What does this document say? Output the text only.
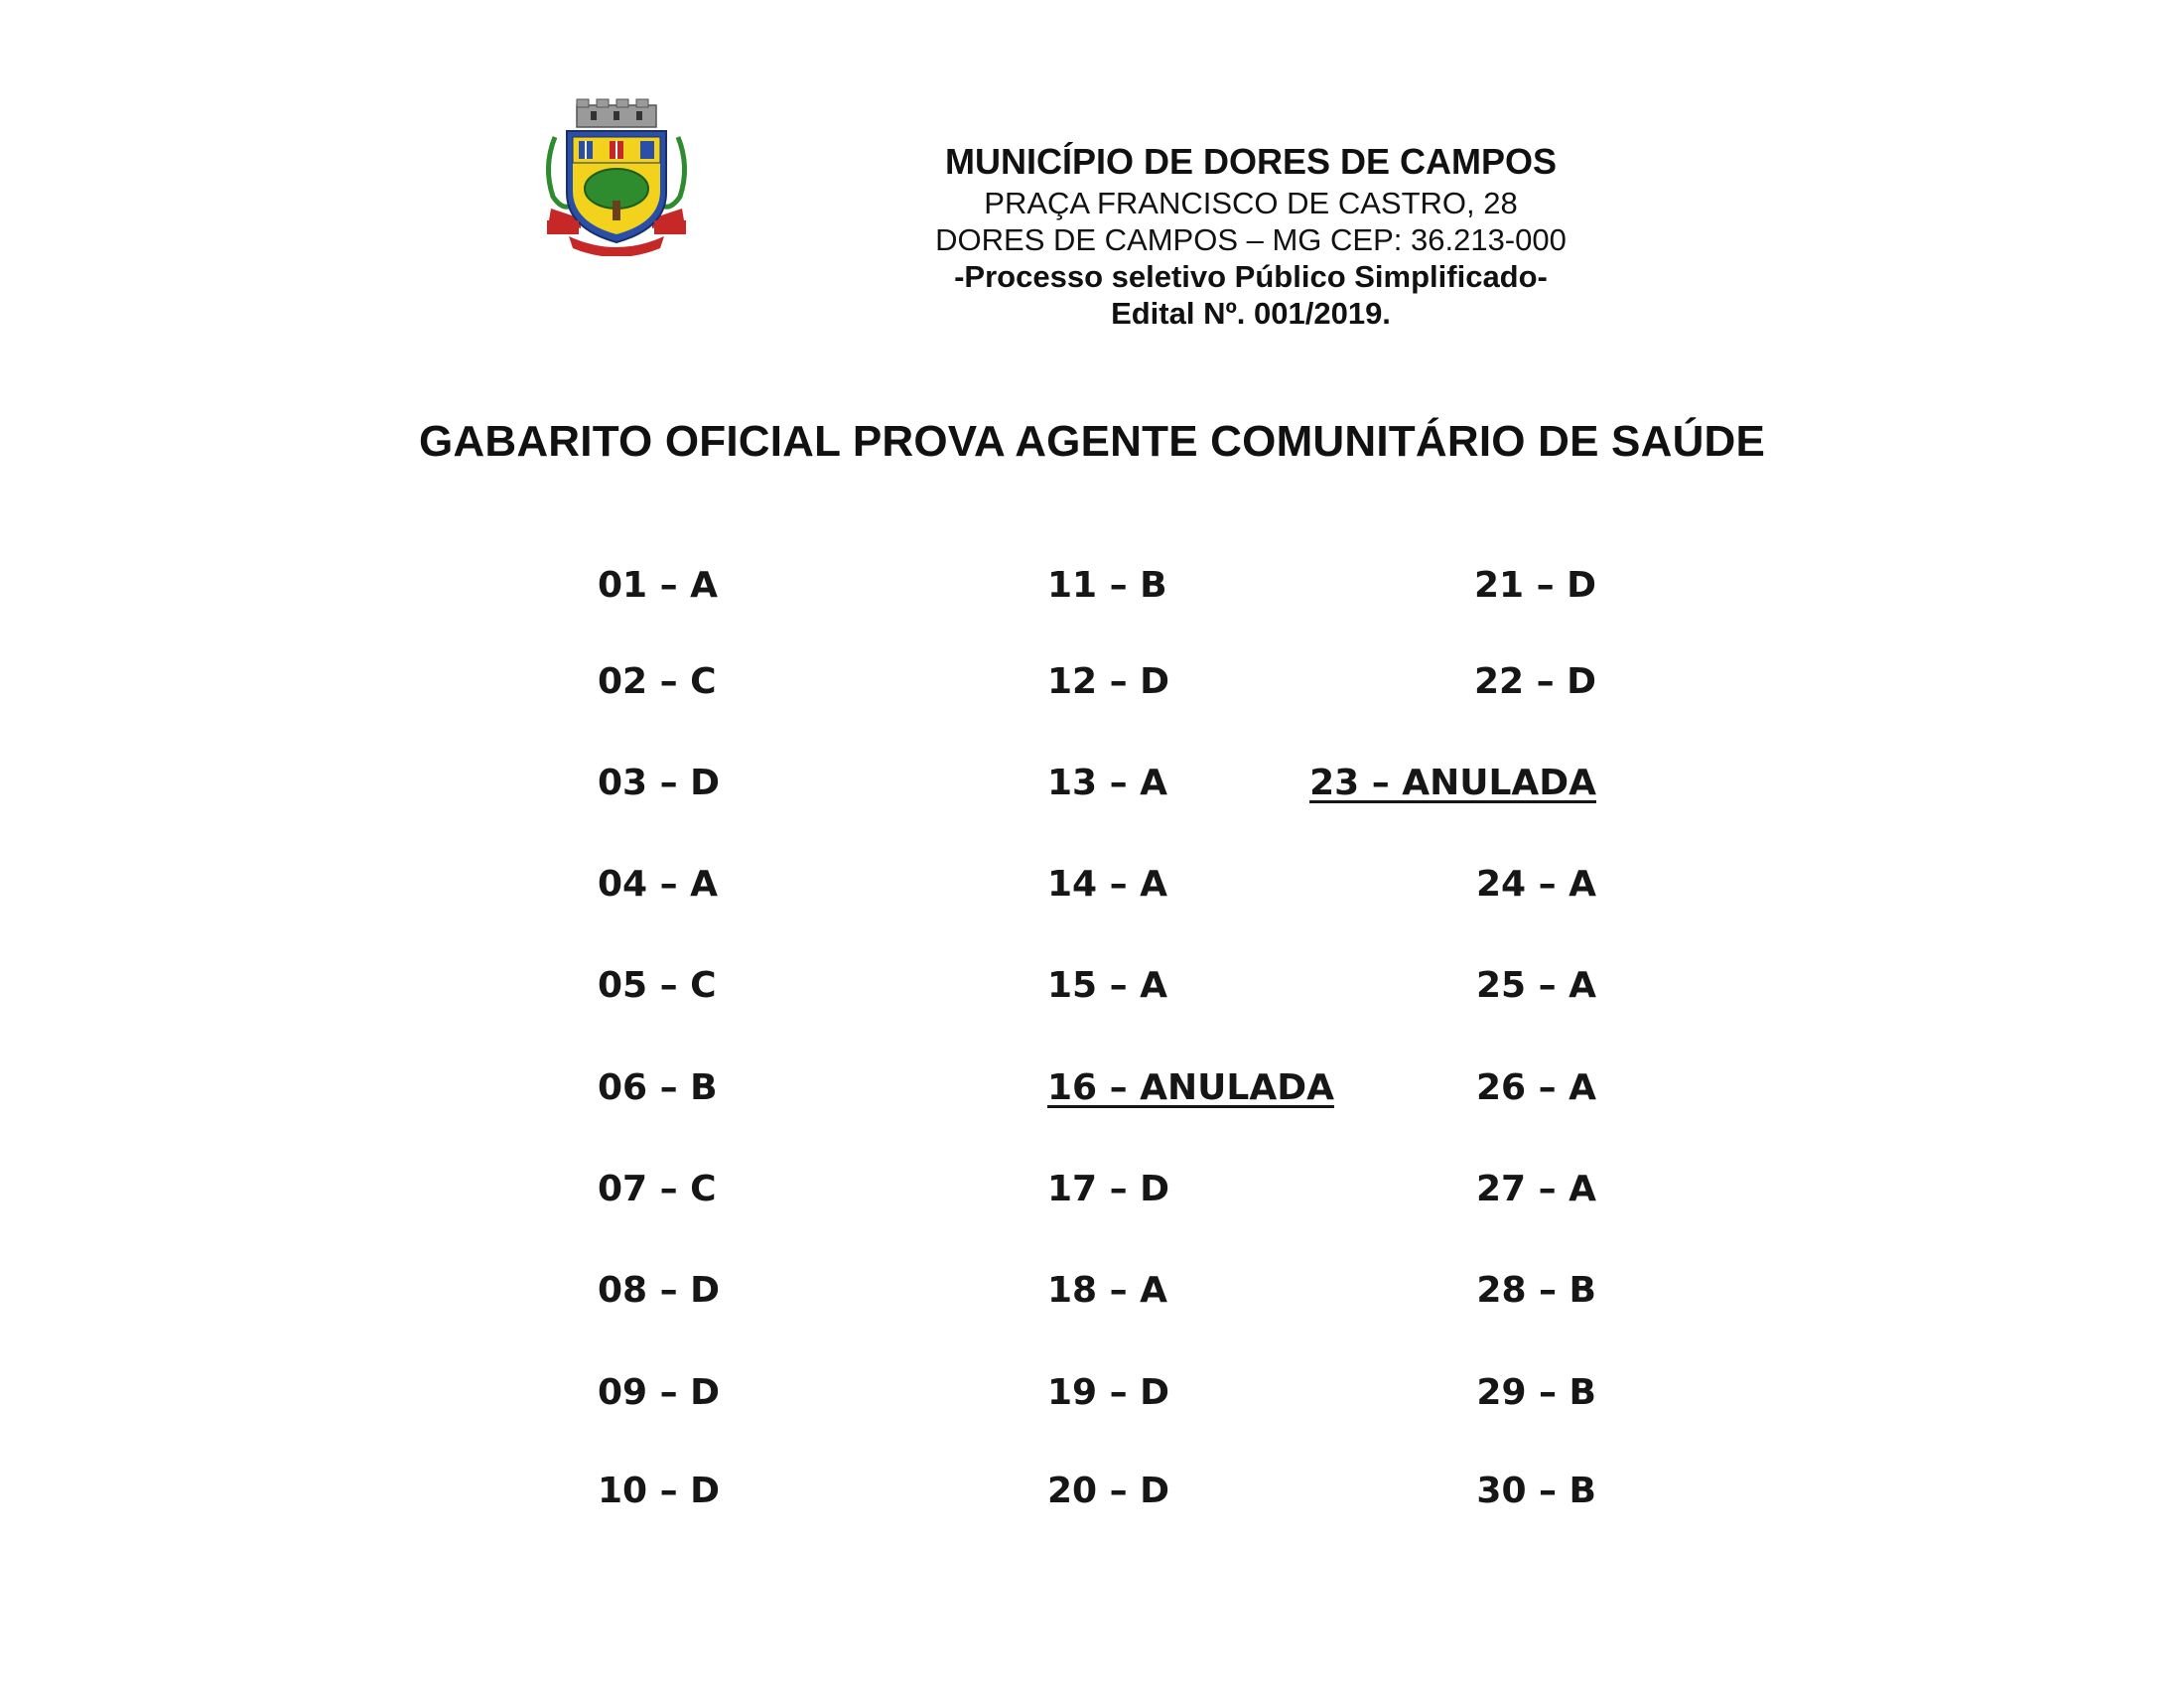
MUNICÍPIO DE DORES DE CAMPOS
PRAÇA FRANCISCO DE CASTRO, 28
DORES DE CAMPOS – MG CEP: 36.213-000
-Processo seletivo Público Simplificado-
Edital Nº. 001/2019.
GABARITO OFICIAL PROVA AGENTE COMUNITÁRIO DE SAÚDE
01 – A
02 – C
03 – D
04 – A
05 – C
06 – B
07 – C
08 – D
09 – D
10 – D
11 – B
12 – D
13 – A
14 – A
15 – A
16 – ANULADA
17 – D
18 – A
19 – D
20 – D
21 – D
22 – D
23 – ANULADA
24 – A
25 – A
26 – A
27 – A
28 – B
29 – B
30 – B
